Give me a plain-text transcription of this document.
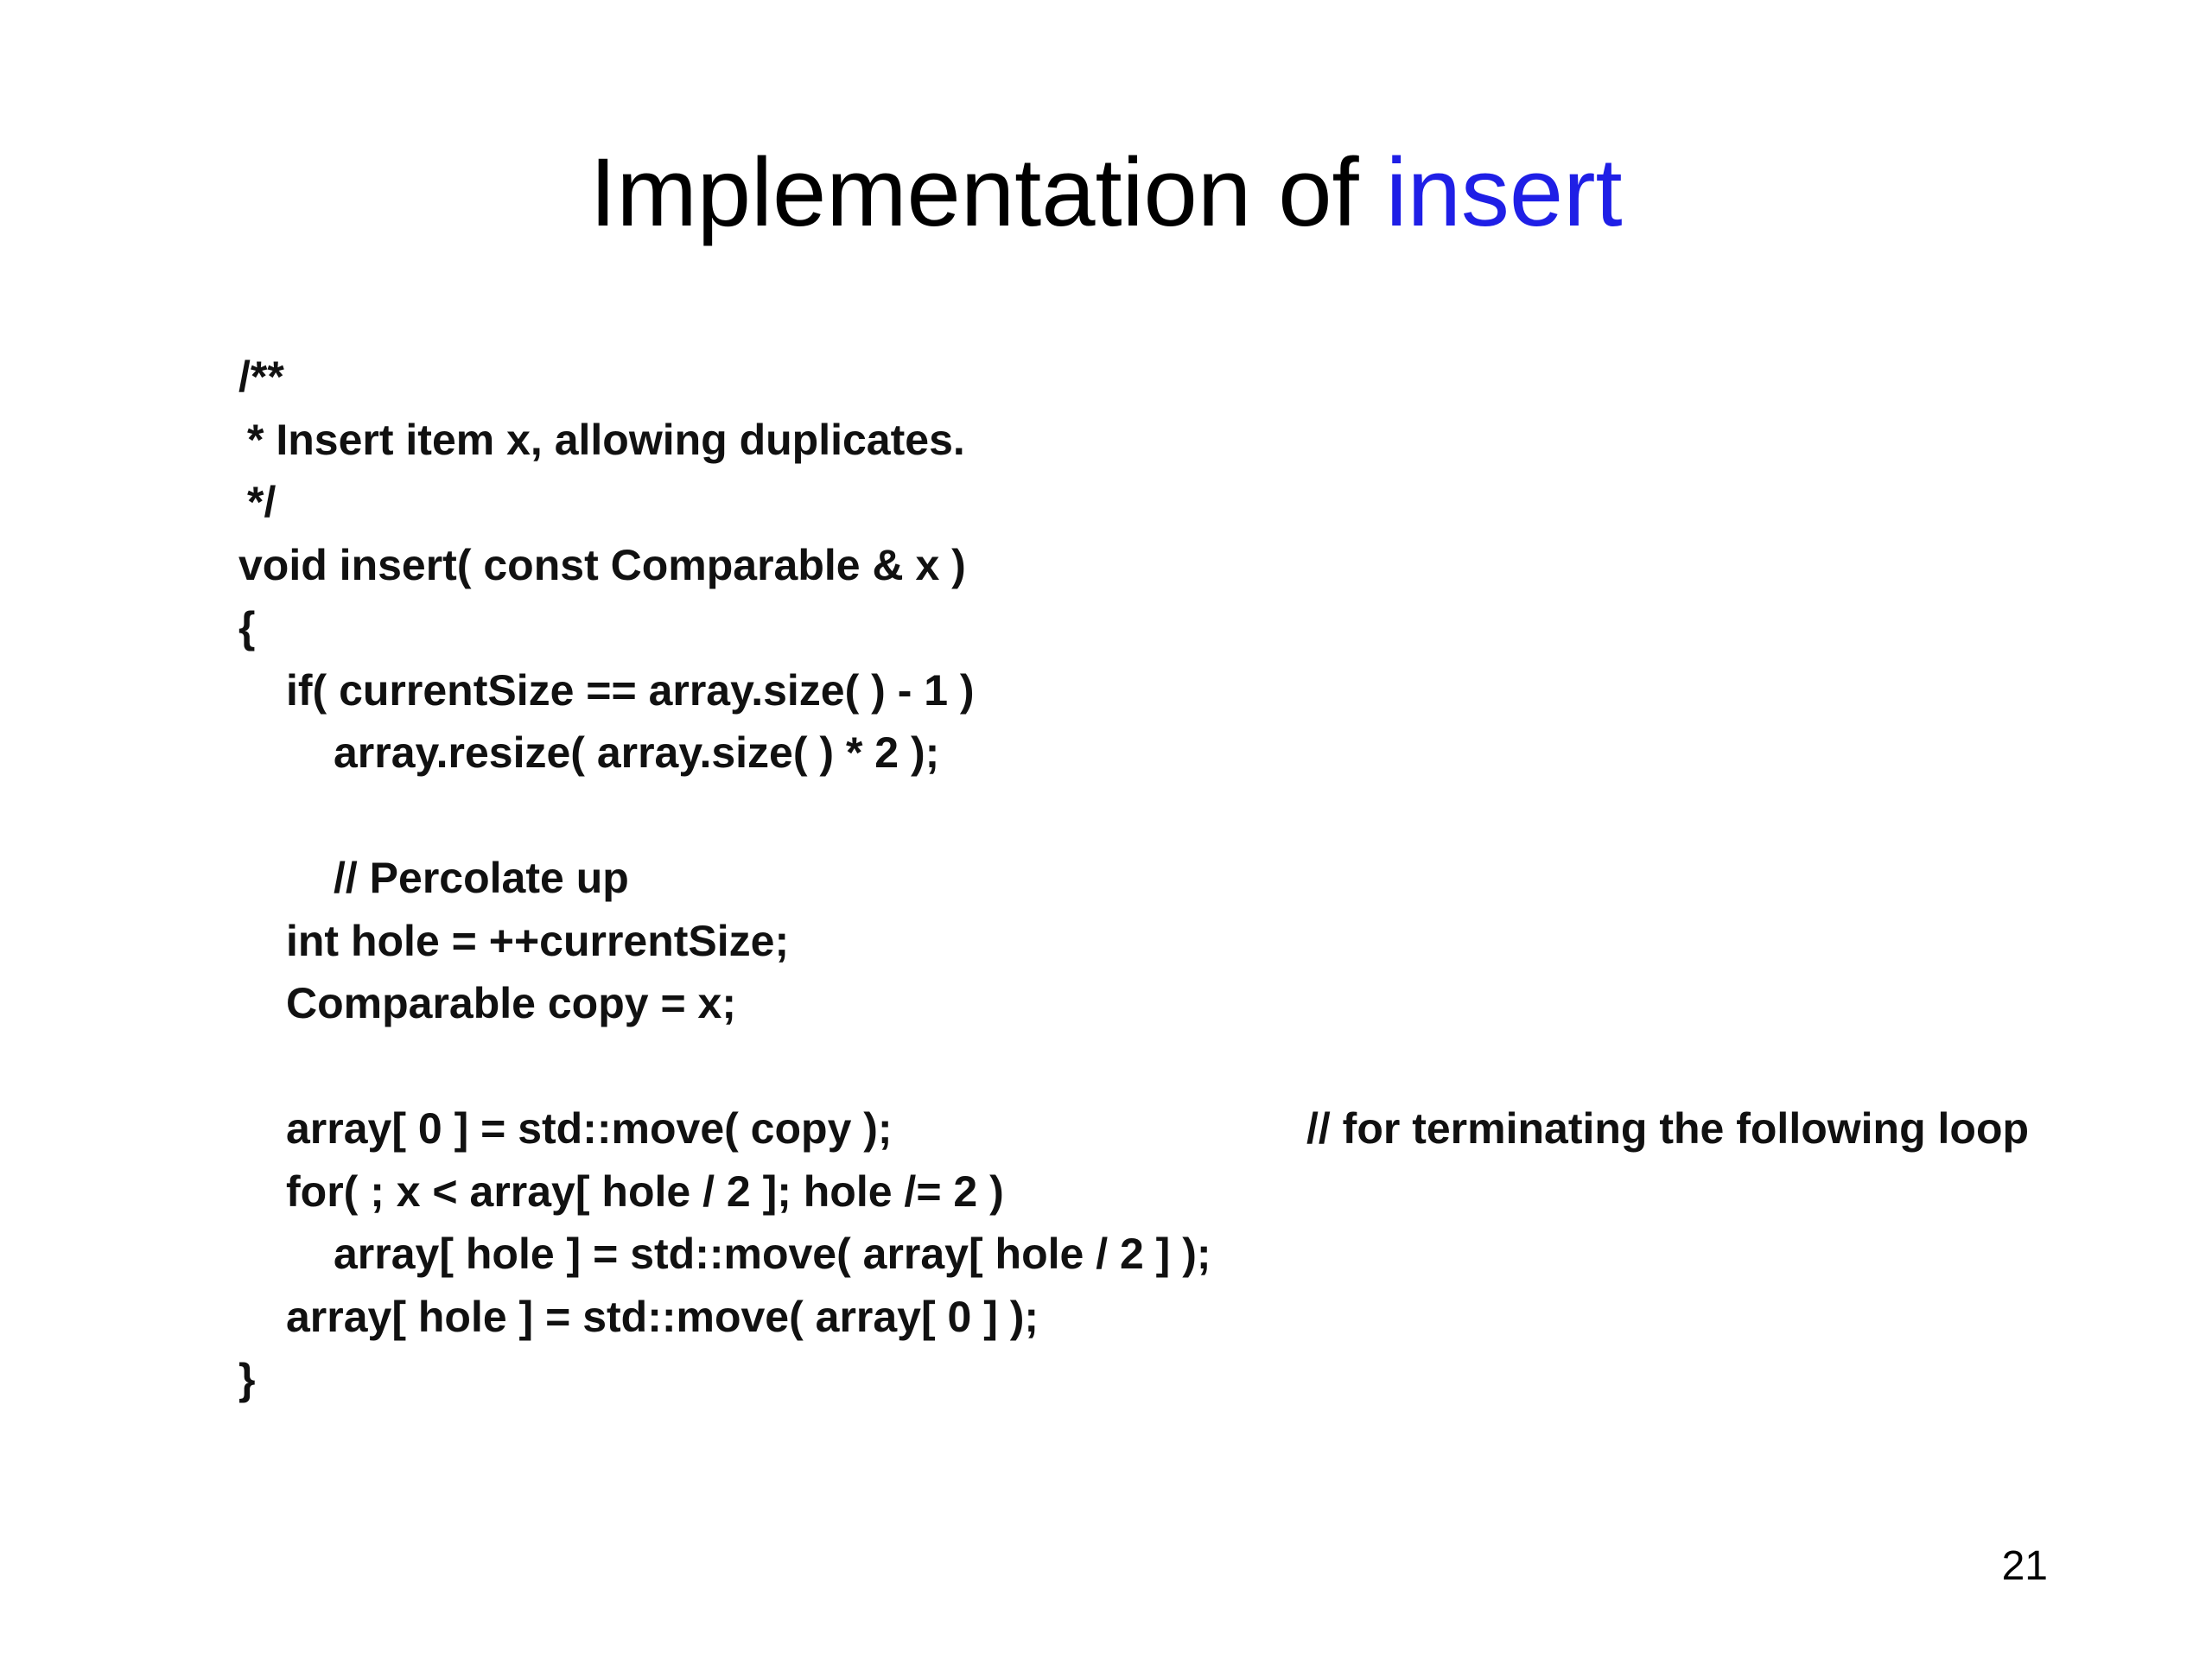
Implementation of insert
/**
* Insert item x, allowing duplicates.
*/
void insert( const Comparable & x )
{
if( currentSize == array.size( ) - 1 )
array.resize( array.size( ) * 2 );
// Percolate up
int hole = ++currentSize;
Comparable copy = x;
array[ 0 ] = std::move( copy );	// for terminating the following loop
for( ; x < array[ hole / 2 ]; hole /= 2 )
array[ hole ] = std::move( array[ hole / 2 ] );
array[ hole ] = std::move( array[ 0 ] );
}
21
